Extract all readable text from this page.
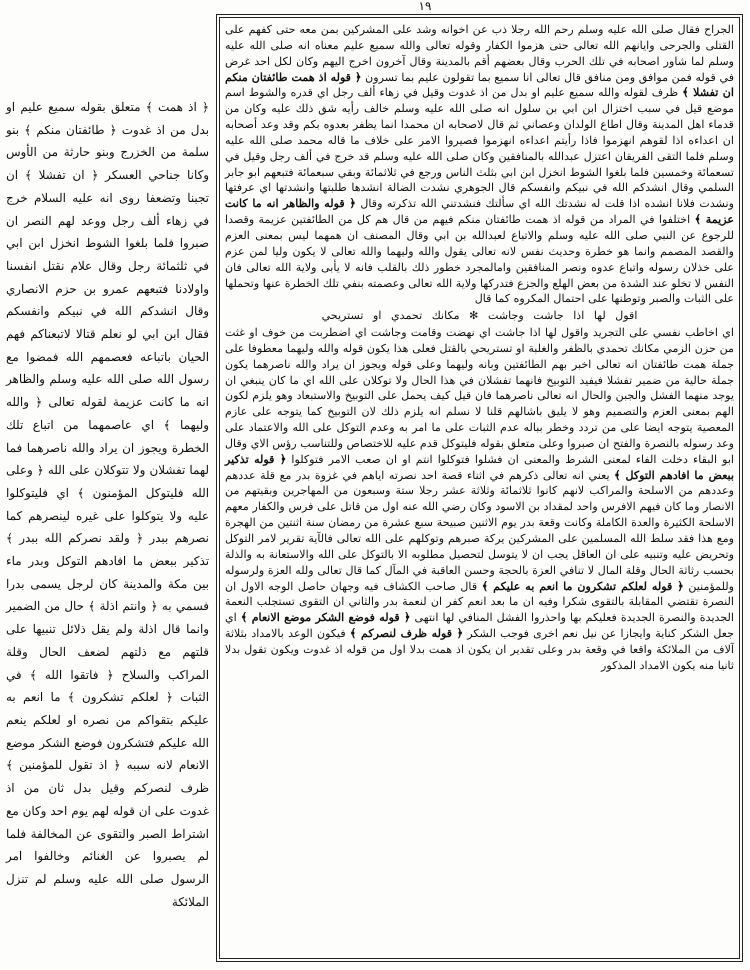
١٩

الجراح فقال صلى الله عليه وسلم رحم الله رجلا ذب عن اخوانه وشد على المشركين بمن معه حتى كفهم على القتلى والجرحى وايانهم الله تعالى حتى هزموا الكفار وقوله تعالى والله سميع عليم معناه انه صلى الله عليه وسلم لما شاور اصحابه في تلك الحرب وقال بعضهم أقم بالمدينة وقال آخرون اخرج اليهم وكان لكل احد غرض في قوله فمن موافق ومن منافق قال تعالى انا سميع بما تقولون عليم بما تسرون ﴿ قوله اذ همت طائفتان منكم ان تفشلا ﴾ ظرف لقوله والله سميع عليم او بدل من اذ غدوت وقيل في زهاء ألف رجل اي قدره والشوط اسم موضع قيل في سبب اختزال ابن ابي بن سلول انه صلى الله عليه وسلم خالف رأيه شق ذلك عليه وكان من قدماء اهل المدينة وقال اطاع الولدان وعصاني ثم قال لاصحابه ان محمدا انما يظفر بعدوه بكم وقد وعد أصحابه ان اعداءه اذا لقوهم انهزموا فاذا رأيتم اعداءه انهزموا فصيروا الامر على خلاف ما قاله محمد صلى الله عليه وسلم فلما التقى الفريقان اعتزل عبدالله بالمنافقين وكان صلى الله عليه وسلم قد خرج في ألف رجل وقيل في تسعمائة وخمسين فلما بلغوا الشوط انخزل ابن ابي بثلث الناس ورجع في ثلاثمائة وبقي سبعمائة فتبعهم ابو جابر السلمي وقال انشدكم الله في نبيكم وانفسكم قال الجوهري نشدت الضالة انشدها طلبتها وانشدتها اي عرفتها ونشدت فلانا انشده اذا قلت له نشدتك الله اي سألتك فنشدتني الله تذكرته وقال ﴿ قوله والظاهر انه ما كانت عزيمة ﴾ اختلفوا في المراد من قوله اذ همت طائفتان منكم فيهم من قال هم كل من الطائفتين عزيمة وقصدا للرجوع عن النبي صلى الله عليه وسلم والاتباع لعبدالله بن ابي وقال المصنف ان همهما ليس بمعنى العزم والقصد المصمم وانما هو خطرة وحديث نفس لانه تعالى يقول والله وليهما والله تعالى لا يكون وليا لمن عزم على خذلان رسوله واتباع عدوه ونصر المنافقين وامالمجرد خطور ذلك بالقلب فانه لا يأبى ولاية الله تعالى فان النفس لا تخلو عند الشدة من بعض الهلع والجزع فتدركها ولاية الله تعالى وعصمته بنفي تلك الخطرة عنها وتحملها على الثبات والصبر وتوطنها على احتمال المكروه كما قال

اقول لها اذا جاشت وجاشت ✻ مكانك تحمدي او تستريحي

اي اخاطب نفسي على التجريد واقول لها اذا جاشت اي نهضت وقامت وجاشت اي اضطربت من خوف او غثت من حزن الزمي مكانك تحمدي بالظفر والغلبة او تستريحي بالقتل فعلى هذا يكون قوله والله وليهما معطوفا على جملة همت طائفتان انه تعالى اخبر بهم الطائفتين وبانه وليهما وعلى قوله ويجوز ان يراد والله ناصرهما يكون جملة حالية من ضمير تفشلا فيفيد التوبيخ فانهما تفشلان في هذا الحال ولا توكلان على الله اي ما كان ينبغي ان يوجد منهما الفشل والجبن والحال انه تعالى ناصرهما فان قيل كيف يحمل على التوبيخ والاستبعاد وهو يلزم لكون الهم بمعنى العزم والتصميم وهو لا يليق باشالهم قلنا لا نسلم انه يلزم ذلك لان التوبيخ كما يتوجه على عازم المعصية يتوجه ايضا على من تردد وخطر بباله عدم الثبات على ما امر به وعدم التوكل على الله والاعتماد على وعد رسوله بالنصرة والفتح ان صبروا وعلى متعلق بقوله فليتوكل قدم عليه للاختصاص وللتناسب رؤس الاي وقال ابو البقاء دخلت الفاء لمعنى الشرط والمعنى ان فشلوا فتوكلوا انتم او ان صعب الامر فتوكلوا ﴿ قوله تذكير ببعض ما افادهم التوكل ﴾ يعني انه تعالى ذكرهم في اثناء قصة احد نصرته اياهم في غزوة بدر مع قلة عددهم وعددهم من الاسلحة والمراكب لانهم كانوا ثلاثمائة وثلاثة عشر رجلا ستة وسبعون من المهاجرين وبقيتهم من الانصار وما كان فيهم الافرس واحد لمقداد بن الاسود وكان رضي الله عنه اول من قاتل على فرس والكفار معهم الاسلحة الكثيرة والعدة الكاملة وكانت وقعة بدر يوم الاثنين صبيحة سبع عشرة من رمضان سنة اثنتين من الهجرة ومع هذا فقد سلط الله المسلمين على المشركين يركة صبرهم وتوكلهم على الله تعالى فالآية تقرير لامر التوكل وتحريض عليه وتنبيه على ان العاقل يجب ان لا يتوسل لتحصيل مطلوبه الا بالتوكل على الله والاستعانة به والذلة بحسب رثاثة الحال وقلة المال لا تنافي العزة بالحجة وحسن العاقبة في المآل كما قال تعالى ولله العزة ولرسوله وللمؤمنين ﴿ قوله لعلكم تشكرون ما انعم به عليكم ﴾ قال صاحب الكشاف فيه وجهان حاصل الوجه الاول ان النصرة تقتضي المقابلة بالتقوى شكرا وفيه ان ما بعد انعم كفر ان لنعمة بدر والثاني ان التقوى تستجلب النعمة الجديدة والنصرة الجديدة فعليكم بها واحذروا الفشل المنافي لها انتهى ﴿ قوله فوضع الشكر موضع الانعام ﴾ اي جعل الشكر كناية وايجازا عن نيل نعم اخرى فوجب الشكر ﴿ قوله ظرف لنصركم ﴾ فيكون الوعد بالامداد بثلاثة آلاف من الملائكة واقعا في وقعة بدر وعلى تقدير ان يكون اذ همت بدلا اول من قوله اذ غدوت ويكون تقول بدلا ثانيا منه يكون الامداد المذكور

﴿ اذ همت ﴾ متعلق بقوله سميع عليم او بدل من اذ غدوت ﴿ طائفتان منكم ﴾ بنو سلمة من الخزرج وبنو حارثة من الأوس وكانا جناحي العسكر ﴿ ان تفشلا ﴾ ان تجبنا وتضعفا روى انه عليه السلام خرج في زهاء ألف رجل ووعد لهم النصر ان صبروا فلما بلغوا الشوط انخزل ابن ابي في ثلثمائة رجل وقال علام نقتل انفسنا واولادنا فتبعهم عمرو بن حزم الانصاري وقال انشدكم الله في نبيكم وانفسكم فقال ابن ابي لو نعلم قتالا لاتبعناكم فهم الحيان باتباعه فعصمهم الله فمضوا مع رسول الله صلى الله عليه وسلم والظاهر انه ما كانت عزيمة لقوله تعالى ﴿ والله وليهما ﴾ اي عاصمهما من اتباع تلك الخطرة ويجوز ان يراد والله ناصرهما فما لهما تفشلان ولا تتوكلان على الله ﴿ وعلى الله فليتوكل المؤمنون ﴾ اي فليتوكلوا عليه ولا يتوكلوا على غيره لينصرهم كما نصرهم ببدر ﴿ ولقد نصركم الله ببدر ﴾ تذكير ببعض ما افادهم التوكل وبدر ماء بين مكة والمدينة كان لرجل يسمى بدرا فسمي به ﴿ وانتم اذلة ﴾ حال من الضمير وانما قال اذلة ولم يقل ذلائل تنبيها على قلتهم مع ذلتهم لضعف الحال وقلة المراكب والسلاح ﴿ فاتقوا الله ﴾ في الثبات ﴿ لعلكم تشكرون ﴾ ما انعم به عليكم بتقواكم من نصره او لعلكم ينعم الله عليكم فتشكرون فوضع الشكر موضع الانعام لانه سببه ﴿ اذ تقول للمؤمنين ﴾ ظرف لنصركم وقيل بدل ثان من اذ غدوت على ان قوله لهم يوم احد وكان مع اشتراط الصبر والتقوى عن المخالفة فلما لم يصبروا عن الغنائم وخالفوا امر الرسول صلى الله عليه وسلم لم تنزل الملائكة
